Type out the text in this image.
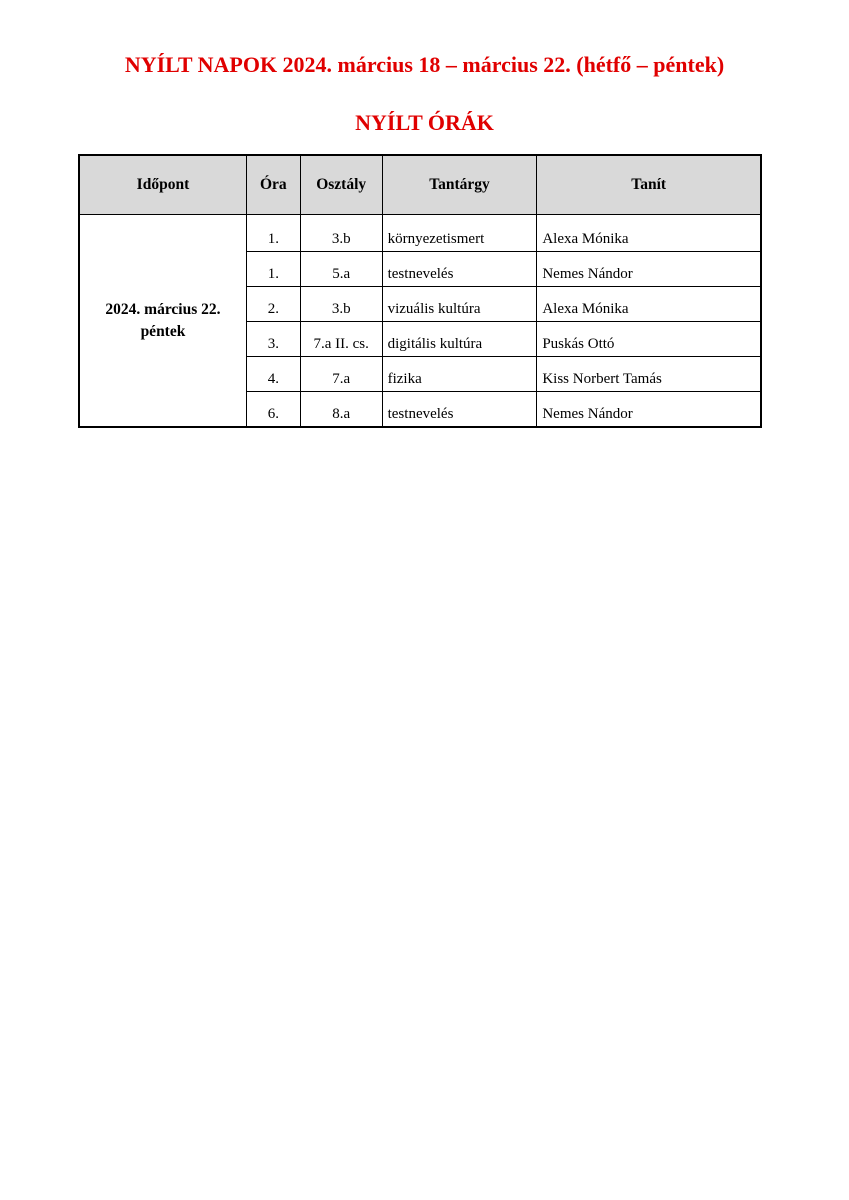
NYÍLT NAPOK 2024. március 18 – március 22. (hétfő – péntek)
NYÍLT ÓRÁK
Időpont	Óra	Osztály	Tantárgy	Tanít

2024. március 22.
péntek	1.	3.b	környezetismert	Alexa Mónika
	1.	5.a	testnevelés	Nemes Nándor
	2.	3.b	vizuális kultúra	Alexa Mónika
	3.	7.a II. cs.	digitális kultúra	Puskás Ottó
	4.	7.a	fizika	Kiss Norbert Tamás
	6.	8.a	testnevelés	Nemes Nándor
